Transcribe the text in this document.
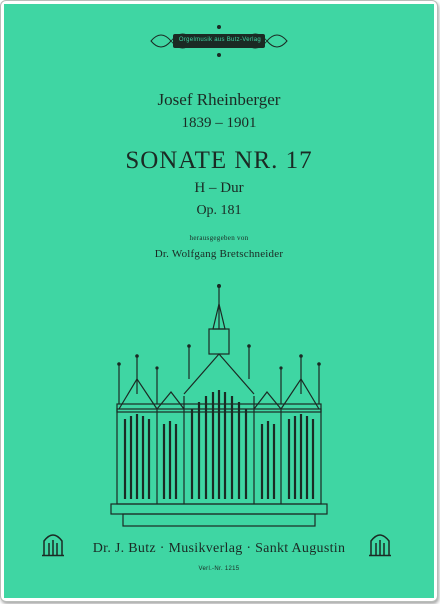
Orgelmusik aus Butz-Verlag
Josef Rheinberger
1839 – 1901
SONATE NR. 17
H – Dur
Op. 181
herausgegeben von
Dr. Wolfgang Bretschneider
Dr. J. Butz · Musikverlag · Sankt Augustin
Verl.-Nr. 1215
